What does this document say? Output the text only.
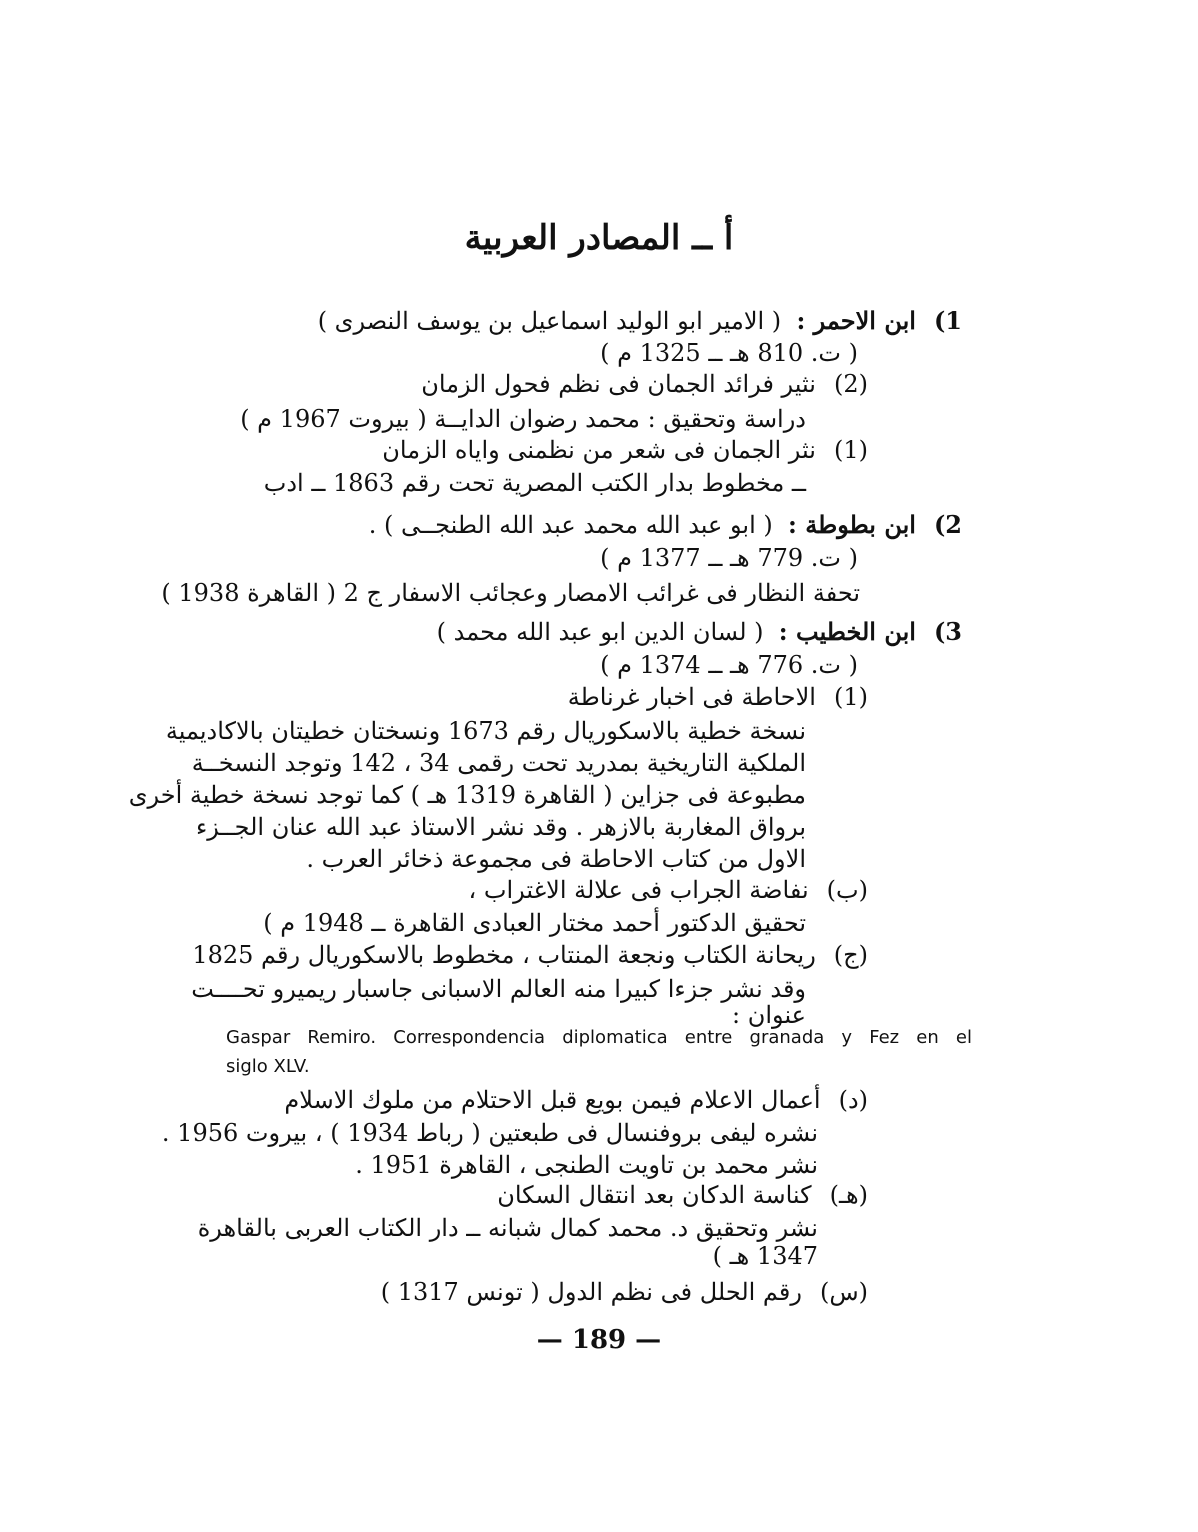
أ ــ المصادر العربية
1)ابن الاحمر :  ( الامير ابو الوليد اسماعيل بن يوسف النصرى )
( ت. 810 هـ ــ 1325 م )
(2)نثير فرائد الجمان فى نظم فحول الزمان
دراسة وتحقيق : محمد رضوان الدايــة ( بيروت 1967 م )
(1)نثر الجمان فى شعر من نظمنى واياه الزمان
ــ مخطوط بدار الكتب المصرية تحت رقم 1863 ــ ادب
2)ابن بطوطة :  ( ابو عبد الله محمد عبد الله الطنجــى ) .
( ت. 779 هـ ــ 1377 م )
تحفة النظار فى غرائب الامصار وعجائب الاسفار ج 2 ( القاهرة 1938 )
3)ابن الخطيب :  ( لسان الدين ابو عبد الله محمد )
( ت. 776 هـ ــ 1374 م )
(1)الاحاطة فى اخبار غرناطة
نسخة خطية بالاسكوريال رقم 1673 ونسختان خطيتان بالاكاديمية
الملكية التاريخية بمدريد تحت رقمى 34 ، 142 وتوجد النسخــة
مطبوعة فى جزاين ( القاهرة 1319 هـ ) كما توجد نسخة خطية أخرى
برواق المغاربة بالازهر . وقد نشر الاستاذ عبد الله عنان الجــزء
الاول من كتاب الاحاطة فى مجموعة ذخائر العرب .
(ب)نفاضة الجراب فى علالة الاغتراب ،
تحقيق الدكتور أحمد مختار العبادى القاهرة ــ 1948 م )
(ج)ريحانة الكتاب ونجعة المنتاب ، مخطوط بالاسكوريال رقم 1825
وقد نشر جزءا كبيرا منه العالم الاسبانى جاسبار ريميرو تحــــت
عنوان :
Gaspar Remiro. Correspondencia diplomatica entre granada y Fez en el
siglo XLV.
(د)أعمال الاعلام فيمن بويع قبل الاحتلام من ملوك الاسلام
نشره ليفى بروفنسال فى طبعتين ( رباط 1934 ) ، بيروت 1956 .
نشر محمد بن تاويت الطنجى ، القاهرة 1951 .
(هـ)كناسة الدكان بعد انتقال السكان
نشر وتحقيق د. محمد كمال شبانه ــ دار الكتاب العربى بالقاهرة
1347 هـ )
(س)رقم الحلل فى نظم الدول ( تونس 1317 )
— 189 —
